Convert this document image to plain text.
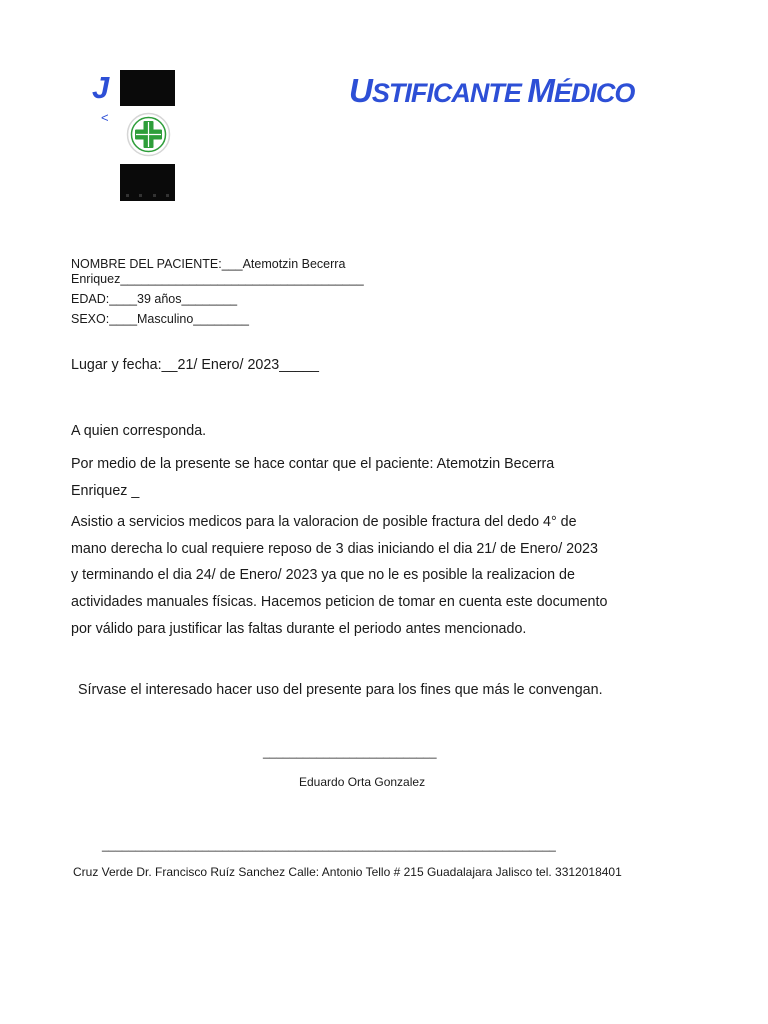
J
<
USTIFICANTE MÉDICO
NOMBRE DEL PACIENTE:___Atemotzin Becerra
Enriquez___________________________________
EDAD:____39 años________
SEXO:____Masculino________
Lugar y fecha:__21/ Enero/ 2023_____
A quien corresponda.
Por medio de la presente se hace contar que el paciente: Atemotzin Becerra
Enriquez _
Asistio a servicios medicos para la valoracion de posible fractura del dedo 4° de
mano derecha lo cual requiere reposo de 3 dias iniciando el dia 21/ de Enero/ 2023
y terminando el dia 24/ de Enero/ 2023 ya que no le es posible la realizacion de
actividades manuales físicas. Hacemos peticion de tomar en cuenta este documento
por válido para justificar las faltas durante el periodo antes mencionado.
Sírvase el interesado hacer uso del presente para los fines que más le convengan.
__________________________
Eduardo Orta Gonzalez
____________________________________________________________________
Cruz Verde Dr. Francisco Ruíz Sanchez Calle: Antonio Tello # 215 Guadalajara Jalisco tel. 3312018401
